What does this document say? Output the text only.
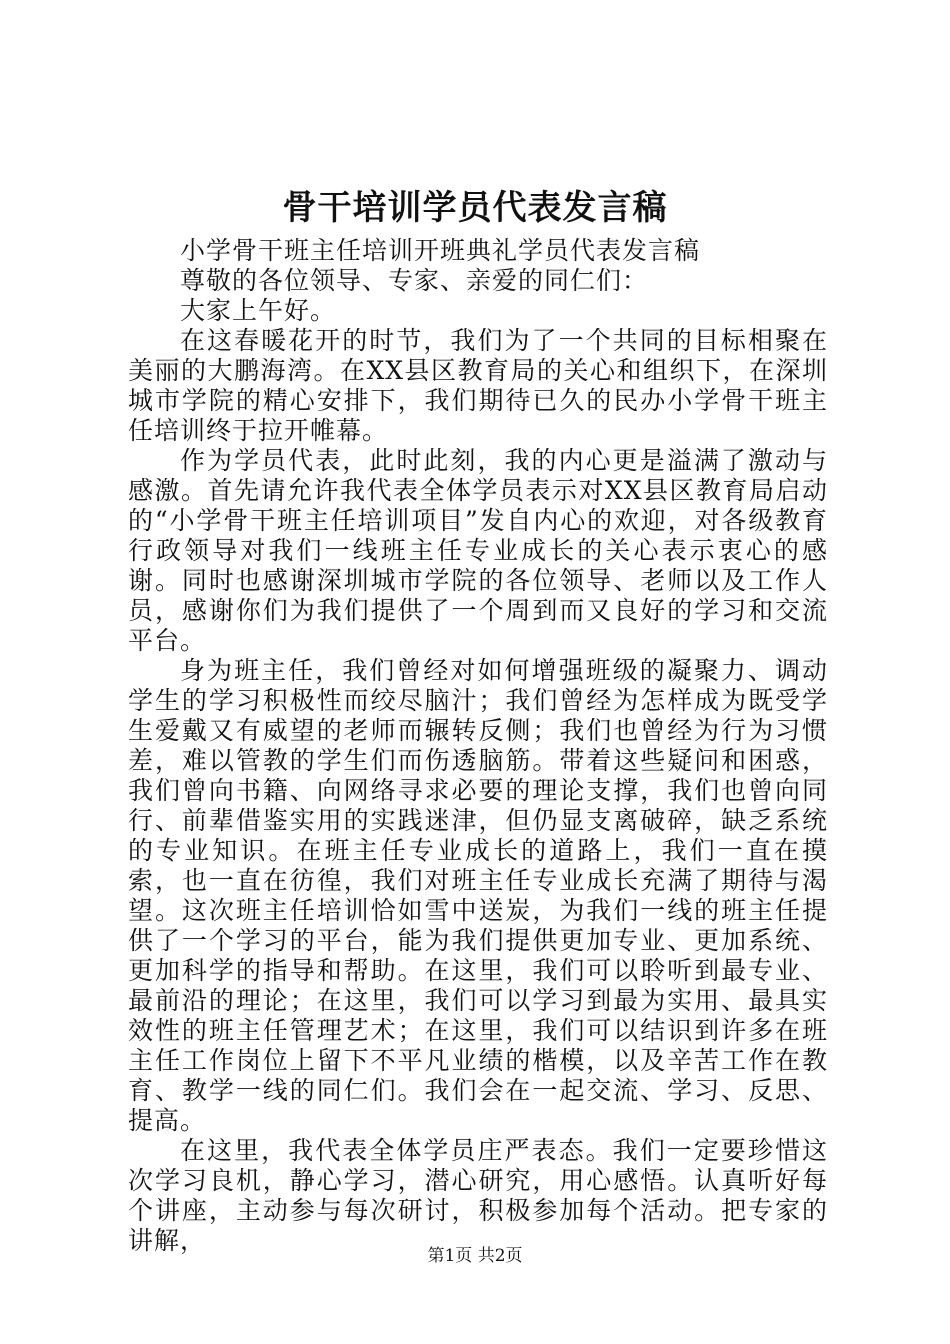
骨干培训学员代表发言稿

小学骨干班主任培训开班典礼学员代表发言稿

尊敬的各位领导、专家、亲爱的同仁们：

大家上午好。

在这春暖花开的时节，我们为了一个共同的目标相聚在美丽的大鹏海湾。在XX县区教育局的关心和组织下，在深圳城市学院的精心安排下，我们期待已久的民办小学骨干班主任培训终于拉开帷幕。

作为学员代表，此时此刻，我的内心更是溢满了激动与感激。首先请允许我代表全体学员表示对XX县区教育局启动的“小学骨干班主任培训项目”发自内心的欢迎，对各级教育行政领导对我们一线班主任专业成长的关心表示衷心的感谢。同时也感谢深圳城市学院的各位领导、老师以及工作人员，感谢你们为我们提供了一个周到而又良好的学习和交流平台。

身为班主任，我们曾经对如何增强班级的凝聚力、调动学生的学习积极性而绞尽脑汁；我们曾经为怎样成为既受学生爱戴又有威望的老师而辗转反侧；我们也曾经为行为习惯差，难以管教的学生们而伤透脑筋。带着这些疑问和困惑，我们曾向书籍、向网络寻求必要的理论支撑，我们也曾向同行、前辈借鉴实用的实践迷津，但仍显支离破碎，缺乏系统的专业知识。在班主任专业成长的道路上，我们一直在摸索，也一直在彷徨，我们对班主任专业成长充满了期待与渴望。这次班主任培训恰如雪中送炭，为我们一线的班主任提供了一个学习的平台，能为我们提供更加专业、更加系统、更加科学的指导和帮助。在这里，我们可以聆听到最专业、最前沿的理论；在这里，我们可以学习到最为实用、最具实效性的班主任管理艺术；在这里，我们可以结识到许多在班主任工作岗位上留下不平凡业绩的楷模，以及辛苦工作在教育、教学一线的同仁们。我们会在一起交流、学习、反思、提高。

在这里，我代表全体学员庄严表态。我们一定要珍惜这次学习良机，静心学习，潜心研究，用心感悟。认真听好每个讲座，主动参与每次研讨，积极参加每个活动。把专家的讲解，

第1页 共2页
